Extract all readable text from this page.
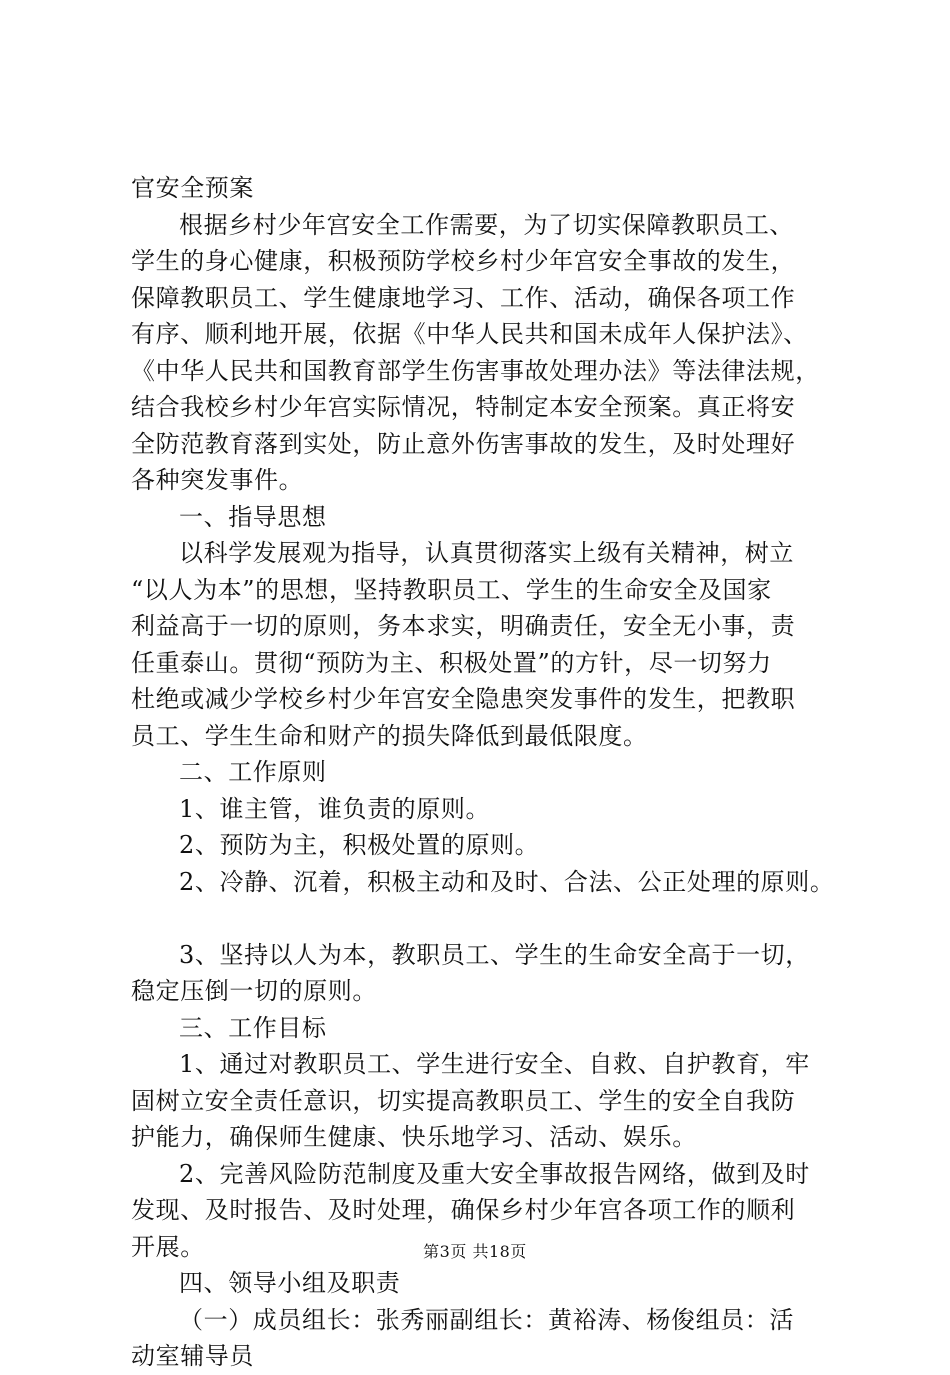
官安全预案
根据乡村少年宫安全工作需要，为了切实保障教职员工、
学生的身心健康，积极预防学校乡村少年宫安全事故的发生，
保障教职员工、学生健康地学习、工作、活动，确保各项工作
有序、顺利地开展，依据《中华人民共和国未成年人保护法》、
《中华人民共和国教育部学生伤害事故处理办法》等法律法规，
结合我校乡村少年宫实际情况，特制定本安全预案。真正将安
全防范教育落到实处，防止意外伤害事故的发生，及时处理好
各种突发事件。
一、指导思想
以科学发展观为指导，认真贯彻落实上级有关精神，树立
“以人为本”的思想，坚持教职员工、学生的生命安全及国家
利益高于一切的原则，务本求实，明确责任，安全无小事，责
任重泰山。贯彻“预防为主、积极处置”的方针，尽一切努力
杜绝或减少学校乡村少年宫安全隐患突发事件的发生，把教职
员工、学生生命和财产的损失降低到最低限度。
二、工作原则
1、谁主管，谁负责的原则。
2、预防为主，积极处置的原则。
2、冷静、沉着，积极主动和及时、合法、公正处理的原则。
3、坚持以人为本，教职员工、学生的生命安全高于一切，
稳定压倒一切的原则。
三、工作目标
1、通过对教职员工、学生进行安全、自救、自护教育，牢
固树立安全责任意识，切实提高教职员工、学生的安全自我防
护能力，确保师生健康、快乐地学习、活动、娱乐。
2、完善风险防范制度及重大安全事故报告网络，做到及时
发现、及时报告、及时处理，确保乡村少年宫各项工作的顺利
开展。
四、领导小组及职责
（一）成员组长：张秀丽副组长：黄裕涛、杨俊组员：活
动室辅导员
第3页 共18页
